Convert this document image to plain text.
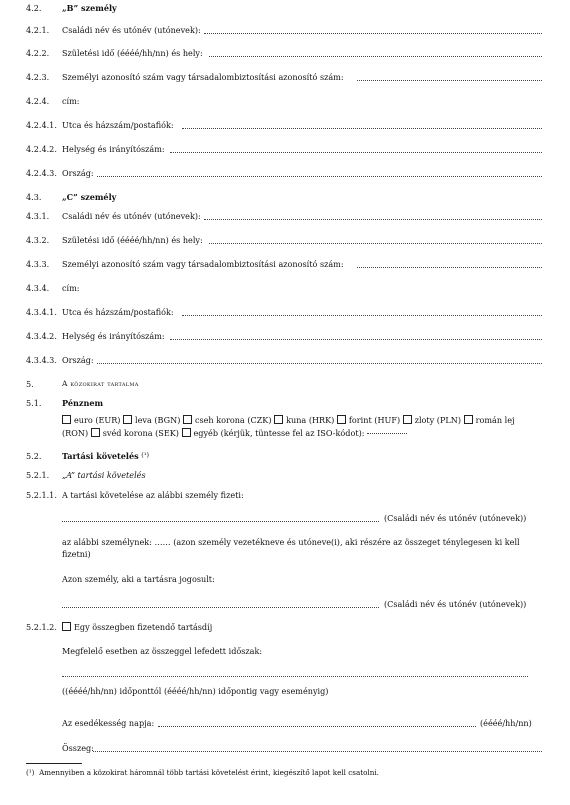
4.2.	„B” személy
4.2.1. Családi név és utónév (utónevek):
4.2.2. Születési idő (éééé/hh/nn) és hely:
4.2.3. Személyi azonosító szám vagy társadalombiztosítási azonosító szám:
4.2.4. cím:
4.2.4.1. Utca és házszám/postafiók:
4.2.4.2. Helység és irányítószám:
4.2.4.3. Ország:
4.3.	„C” személy
4.3.1. Családi név és utónév (utónevek):
4.3.2. Születési idő (éééé/hh/nn) és hely:
4.3.3. Személyi azonosító szám vagy társadalombiztosítási azonosító szám:
4.3.4. cím:
4.3.4.1. Utca és házszám/postafiók:
4.3.4.2. Helység és irányítószám:
4.3.4.3. Ország:
5.	A közokirat tartalma
5.1.	Pénznem
euro (EUR) leva (BGN) cseh korona (CZK) kuna (HRK) forint (HUF) zloty (PLN) román lej
(RON) svéd korona (SEK) egyéb (kérjük, tüntesse fel az ISO-kódot):
5.2.	Tartási követelés $^{(^1)}$
5.2.1. „A” tartási követelés
5.2.1.1. A tartási követelése az alábbi személy fizeti:
(Családi név és utónév (utónevek))
az alábbi személynek: …… (azon személy vezetékneve és utóneve(i), aki részére az összeget ténylegesen ki kell
fizetni)
Azon személy, aki a tartásra jogosult:
(Családi név és utónév (utónevek))
5.2.1.2.	Egy összegben fizetendő tartásdíj
Megfelelő esetben az összeggel lefedett időszak:
((éééé/hh/nn) időponttól (éééé/hh/nn) időpontig vagy eseményig)
Az esedékesség napja:	(éééé/hh/nn)
Összeg:
(¹) Amennyiben a közokirat háromnál több tartási követelést érint, kiegészítő lapot kell csatolni.
